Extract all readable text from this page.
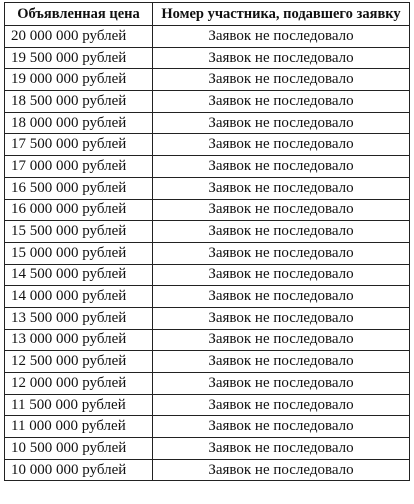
Объявленная цена	Номер участника, подавшего заявку
20 000 000 рублей	Заявок не последовало
19 500 000 рублей	Заявок не последовало
19 000 000 рублей	Заявок не последовало
18 500 000 рублей	Заявок не последовало
18 000 000 рублей	Заявок не последовало
17 500 000 рублей	Заявок не последовало
17 000 000 рублей	Заявок не последовало
16 500 000 рублей	Заявок не последовало
16 000 000 рублей	Заявок не последовало
15 500 000 рублей	Заявок не последовало
15 000 000 рублей	Заявок не последовало
14 500 000 рублей	Заявок не последовало
14 000 000 рублей	Заявок не последовало
13 500 000 рублей	Заявок не последовало
13 000 000 рублей	Заявок не последовало
12 500 000 рублей	Заявок не последовало
12 000 000 рублей	Заявок не последовало
11 500 000 рублей	Заявок не последовало
11 000 000 рублей	Заявок не последовало
10 500 000 рублей	Заявок не последовало
10 000 000 рублей	Заявок не последовало
